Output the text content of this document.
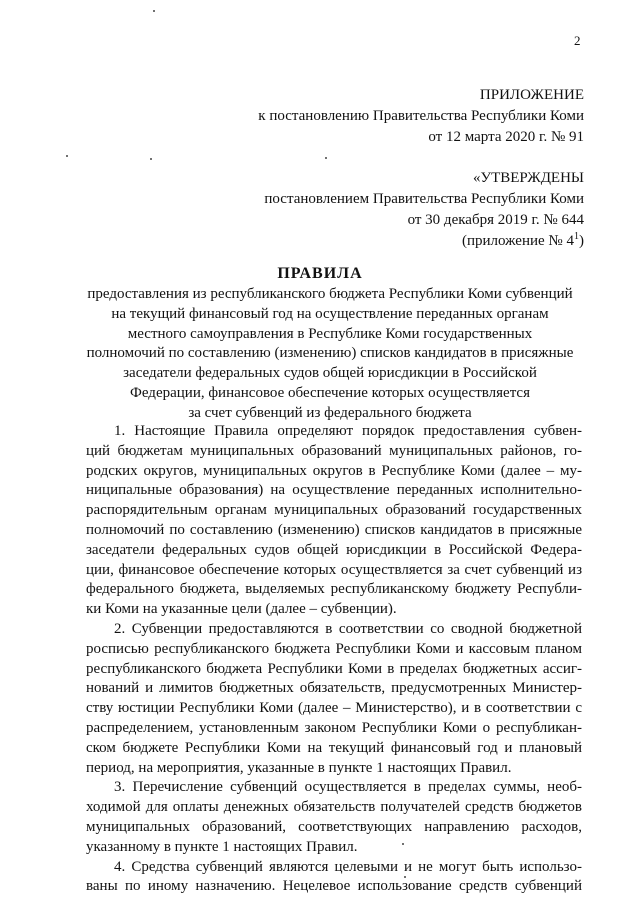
2
ПРИЛОЖЕНИЕ
к постановлению Правительства Республики Коми
от 12 марта 2020 г. № 91
«УТВЕРЖДЕНЫ
постановлением Правительства Республики Коми
от 30 декабря 2019 г. № 644
(приложение № $4^1$)
ПРАВИЛА
предоставления из республиканского бюджета Республики Коми субвенций
на текущий финансовый год на осуществление переданных органам
местного самоуправления в Республике Коми государственных
полномочий по составлению (изменению) списков кандидатов в присяжные
заседатели федеральных судов общей юрисдикции в Российской
Федерации, финансовое обеспечение которых осуществляется
за счет субвенций из федерального бюджета

1. Настоящие Правила определяют порядок предоставления субвен-

ций бюджетам муниципальных образований муниципальных районов, го-

родских округов, муниципальных округов в Республике Коми (далее – му-

ниципальные образования) на осуществление переданных исполнительно-

распорядительным органам муниципальных образований государственных

полномочий по составлению (изменению) списков кандидатов в присяжные

заседатели федеральных судов общей юрисдикции в Российской Федера-

ции, финансовое обеспечение которых осуществляется за счет субвенций из

федерального бюджета, выделяемых республиканскому бюджету Республи-

ки Коми на указанные цели (далее – субвенции).

2. Субвенции предоставляются в соответствии со сводной бюджетной

росписью республиканского бюджета Республики Коми и кассовым планом

республиканского бюджета Республики Коми в пределах бюджетных ассиг-

нований и лимитов бюджетных обязательств, предусмотренных Министер-

ству юстиции Республики Коми (далее – Министерство), и в соответствии с

распределением, установленным законом Республики Коми о республикан-

ском бюджете Республики Коми на текущий финансовый год и плановый

период, на мероприятия, указанные в пункте 1 настоящих Правил.

3. Перечисление субвенций осуществляется в пределах суммы, необ-

ходимой для оплаты денежных обязательств получателей средств бюджетов

муниципальных образований, соответствующих направлению расходов,

указанному в пункте 1 настоящих Правил.

4. Средства субвенций являются целевыми и не могут быть использо-

ваны по иному назначению. Нецелевое использование средств субвенций
